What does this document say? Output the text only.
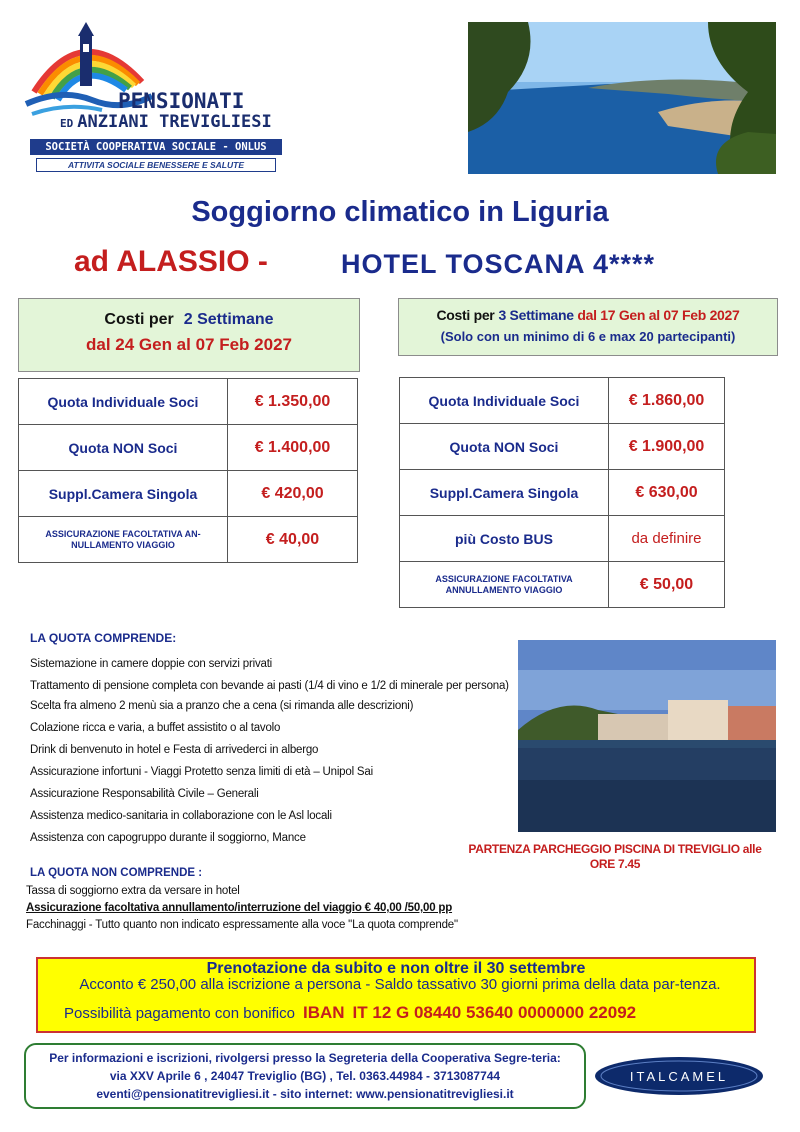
PENSIONATI
ED ANZIANI TREVIGLIESI
SOCIETÀ COOPERATIVA SOCIALE - ONLUS
ATTIVITA SOCIALE BENESSERE E SALUTE
Soggiorno climatico in Liguria
ad ALASSIO -	HOTEL TOSCANA 4****
Costi per 2 Settimane
dal 24 Gen al 07 Feb 2027
Costi per 3 Settimane dal 17 Gen al 07 Feb 2027
(Solo con un minimo di 6 e max 20 partecipanti)
Quota Individuale Soci	€ 1.350,00
Quota NON Soci	€ 1.400,00
Suppl.Camera Singola	€ 420,00
ASSICURAZIONE FACOLTATIVA AN-NULLAMENTO VIAGGIO	€ 40,00
Quota Individuale Soci	€ 1.860,00
Quota NON Soci	€ 1.900,00
Suppl.Camera Singola	€ 630,00
più Costo BUS	da definire
ASSICURAZIONE FACOLTATIVA ANNULLAMENTO VIAGGIO	€ 50,00
LA QUOTA COMPRENDE:
Sistemazione in camere doppie con servizi privati
Trattamento di pensione completa con bevande ai pasti (1/4 di vino e 1/2 di minerale per persona)
Scelta fra almeno 2 menù sia a pranzo che a cena (si rimanda alle descrizioni)
Colazione ricca e varia, a buffet assistito o al tavolo
Drink di benvenuto in hotel e Festa di arrivederci in albergo
Assicurazione infortuni - Viaggi Protetto senza limiti di età – Unipol Sai
Assicurazione Responsabilità Civile – Generali
Assistenza medico-sanitaria in collaborazione con le Asl locali
Assistenza con capogruppo durante il soggiorno, Mance
PARTENZA PARCHEGGIO PISCINA DI TREVIGLIO alle
ORE 7.45
LA QUOTA NON COMPRENDE :
Tassa di soggiorno extra da versare in hotel
Assicurazione facoltativa annullamento/interruzione del viaggio € 40,00 /50,00 pp
Facchinaggi - Tutto quanto non indicato espressamente alla voce "La quota comprende"
Prenotazione da subito e non oltre il 30 settembre
Acconto € 250,00 alla iscrizione a persona - Saldo tassativo 30 giorni prima della data par-tenza.
Possibilità pagamento con bonifico IBAN IT 12 G 08440 53640 0000000 22092
Per informazioni e iscrizioni, rivolgersi presso la Segreteria della Cooperativa Segre-teria:
via XXV Aprile 6 , 24047 Treviglio (BG) , Tel. 0363.44984 - 3713087744
eventi@pensionatitrevigliesi.it - sito internet: www.pensionatitrevigliesi.it
ITALCAMEL
